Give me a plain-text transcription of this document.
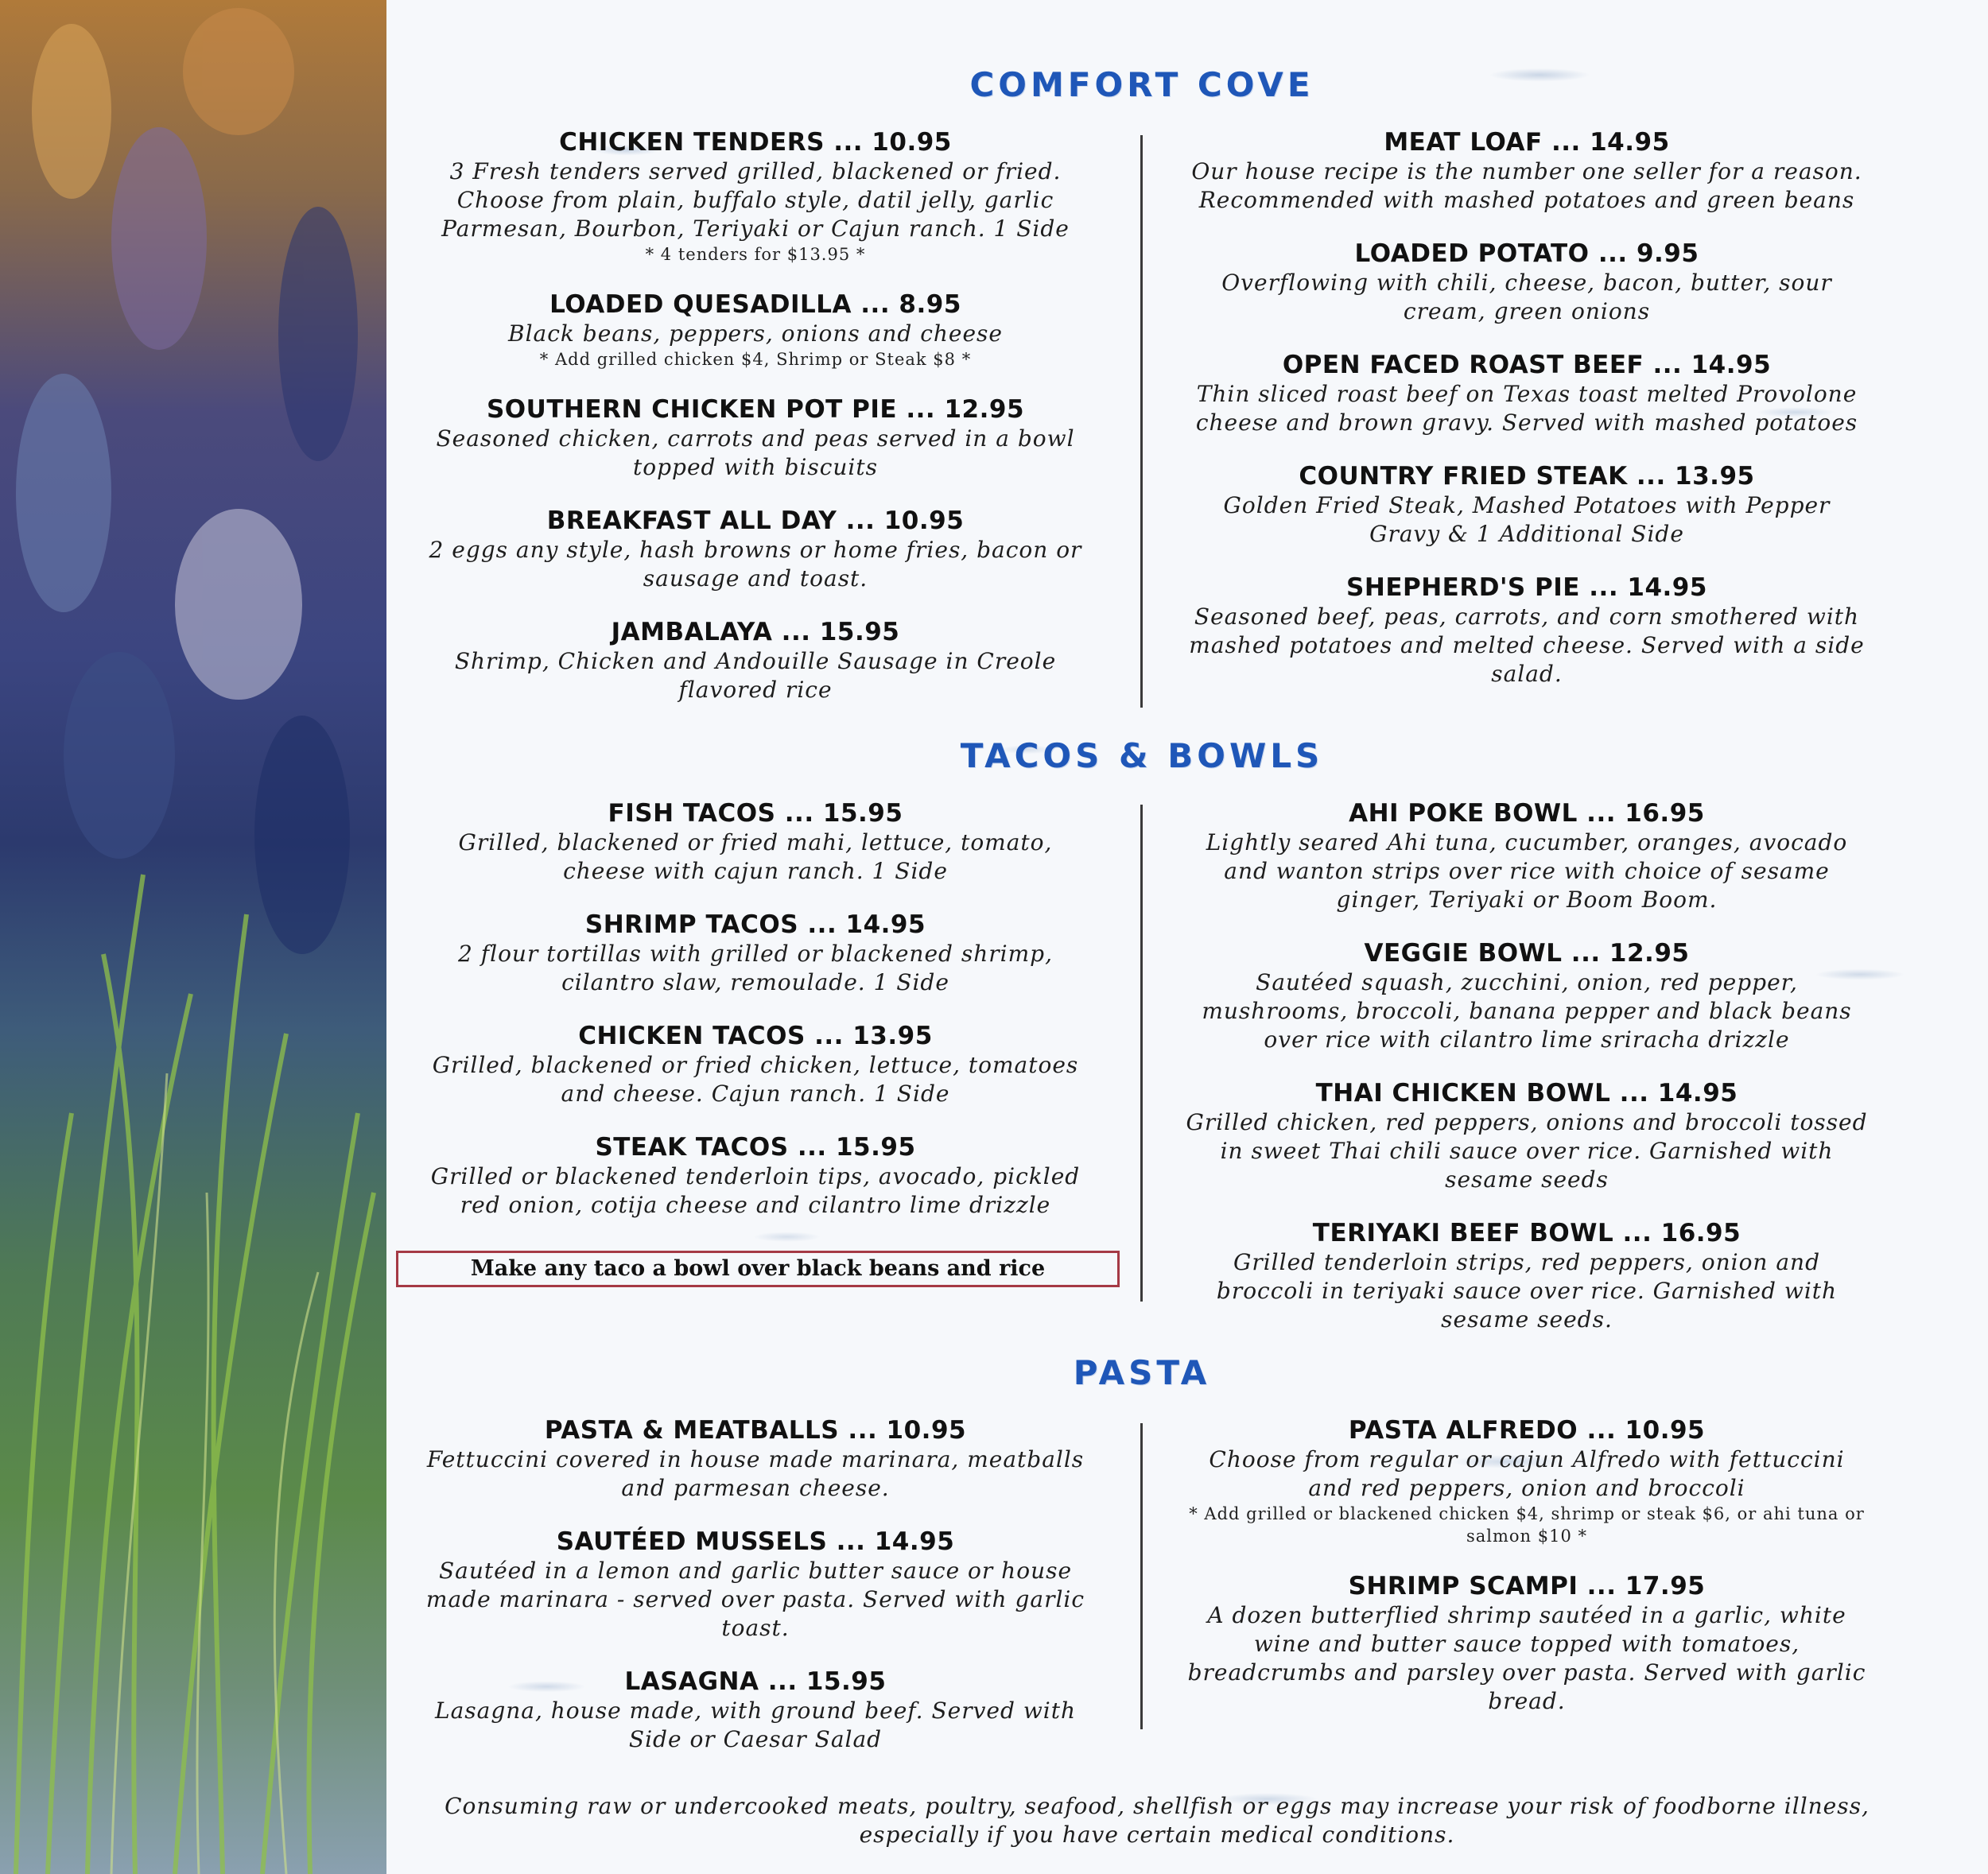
COMFORT COVE
CHICKEN TENDERS ... 10.95
3 Fresh tenders served grilled, blackened or fried. Choose from plain, buffalo style, datil jelly, garlic Parmesan, Bourbon, Teriyaki or Cajun ranch. 1 Side
* 4 tenders for $13.95 *
LOADED QUESADILLA ... 8.95
Black beans, peppers, onions and cheese
* Add grilled chicken $4, Shrimp or Steak $8 *
SOUTHERN CHICKEN POT PIE ... 12.95
Seasoned chicken, carrots and peas served in a bowl topped with biscuits
BREAKFAST ALL DAY ... 10.95
2 eggs any style, hash browns or home fries, bacon or sausage and toast.
JAMBALAYA ... 15.95
Shrimp, Chicken and Andouille Sausage in Creole flavored rice
MEAT LOAF ... 14.95
Our house recipe is the number one seller for a reason. Recommended with mashed potatoes and green beans
LOADED POTATO ... 9.95
Overflowing with chili, cheese, bacon, butter, sour cream, green onions
OPEN FACED ROAST BEEF ... 14.95
Thin sliced roast beef on Texas toast melted Provolone cheese and brown gravy. Served with mashed potatoes
COUNTRY FRIED STEAK ... 13.95
Golden Fried Steak, Mashed Potatoes with Pepper Gravy & 1 Additional Side
SHEPHERD'S PIE ... 14.95
Seasoned beef, peas, carrots, and corn smothered with mashed potatoes and melted cheese. Served with a side salad.
TACOS & BOWLS
FISH TACOS ... 15.95
Grilled, blackened or fried mahi, lettuce, tomato, cheese with cajun ranch. 1 Side
SHRIMP TACOS ... 14.95
2 flour tortillas with grilled or blackened shrimp, cilantro slaw, remoulade. 1 Side
CHICKEN TACOS ... 13.95
Grilled, blackened or fried chicken, lettuce, tomatoes and cheese. Cajun ranch. 1 Side
STEAK TACOS ... 15.95
Grilled or blackened tenderloin tips, avocado, pickled red onion, cotija cheese and cilantro lime drizzle
AHI POKE BOWL ... 16.95
Lightly seared Ahi tuna, cucumber, oranges, avocado and wanton strips over rice with choice of sesame ginger, Teriyaki or Boom Boom.
VEGGIE BOWL ... 12.95
Sautéed squash, zucchini, onion, red pepper, mushrooms, broccoli, banana pepper and black beans over rice with cilantro lime sriracha drizzle
THAI CHICKEN BOWL ... 14.95
Grilled chicken, red peppers, onions and broccoli tossed in sweet Thai chili sauce over rice. Garnished with sesame seeds
TERIYAKI BEEF BOWL ... 16.95
Grilled tenderloin strips, red peppers, onion and broccoli in teriyaki sauce over rice. Garnished with sesame seeds.
Make any taco a bowl over black beans and rice
PASTA
PASTA & MEATBALLS ... 10.95
Fettuccini covered in house made marinara, meatballs and parmesan cheese.
SAUTÉED MUSSELS ... 14.95
Sautéed in a lemon and garlic butter sauce or house made marinara - served over pasta. Served with garlic toast.
LASAGNA ... 15.95
Lasagna, house made, with ground beef. Served with Side or Caesar Salad
PASTA ALFREDO ... 10.95
Choose from regular or cajun Alfredo with fettuccini and red peppers, onion and broccoli
* Add grilled or blackened chicken $4, shrimp or steak $6, or ahi tuna or salmon $10 *
SHRIMP SCAMPI ... 17.95
A dozen butterflied shrimp sautéed in a garlic, white wine and butter sauce topped with tomatoes, breadcrumbs and parsley over pasta. Served with garlic bread.
Consuming raw or undercooked meats, poultry, seafood, shellfish or eggs may increase your risk of foodborne illness, especially if you have certain medical conditions.
